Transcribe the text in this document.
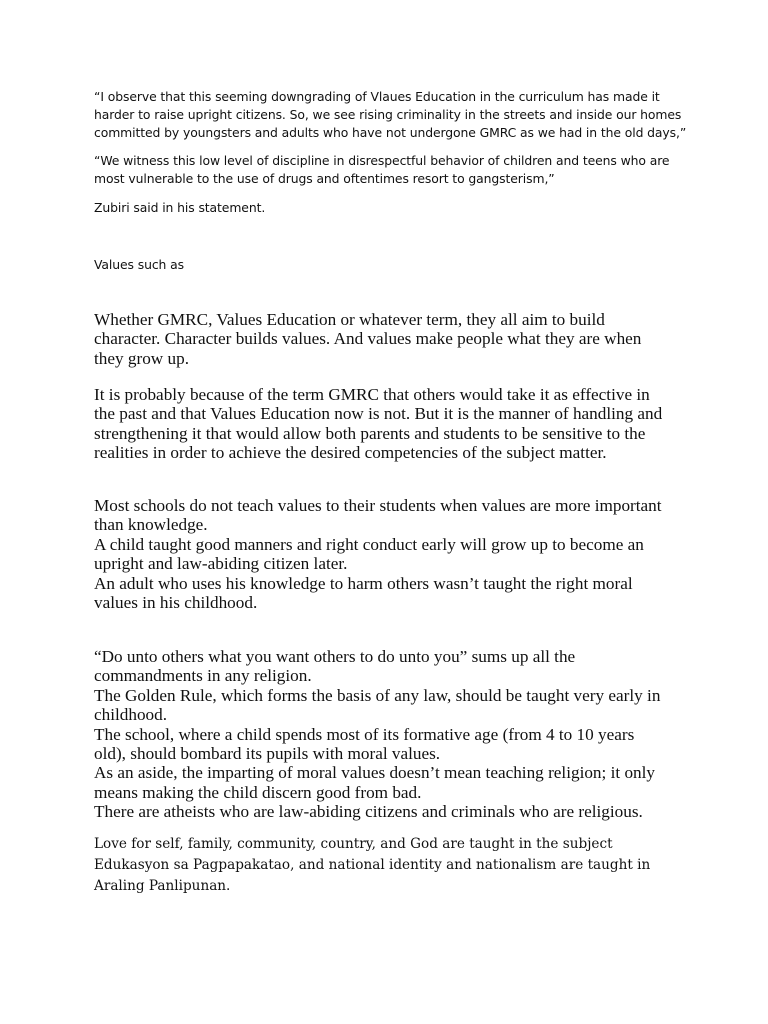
“I observe that this seeming downgrading of Vlaues Education in the curriculum has made it
harder to raise upright citizens. So, we see rising criminality in the streets and inside our homes
committed by youngsters and adults who have not undergone GMRC as we had in the old days,”
“We witness this low level of discipline in disrespectful behavior of children and teens who are
most vulnerable to the use of drugs and oftentimes resort to gangsterism,”
Zubiri said in his statement.
Values such as
Whether GMRC, Values Education or whatever term, they all aim to build
character. Character builds values. And values make people what they are when
they grow up.
It is probably because of the term GMRC that others would take it as effective in
the past and that Values Education now is not. But it is the manner of handling and
strengthening it that would allow both parents and students to be sensitive to the
realities in order to achieve the desired competencies of the subject matter.
Most schools do not teach values to their students when values are more important
than knowledge.
A child taught good manners and right conduct early will grow up to become an
upright and law-abiding citizen later.
An adult who uses his knowledge to harm others wasn’t taught the right moral
values in his childhood.
“Do unto others what you want others to do unto you” sums up all the
commandments in any religion.
The Golden Rule, which forms the basis of any law, should be taught very early in
childhood.
The school, where a child spends most of its formative age (from 4 to 10 years
old), should bombard its pupils with moral values.
As an aside, the imparting of moral values doesn’t mean teaching religion; it only
means making the child discern good from bad.
There are atheists who are law-abiding citizens and criminals who are religious.
Love for self, family, community, country, and God are taught in the subject
Edukasyon sa Pagpapakatao, and national identity and nationalism are taught in
Araling Panlipunan.
